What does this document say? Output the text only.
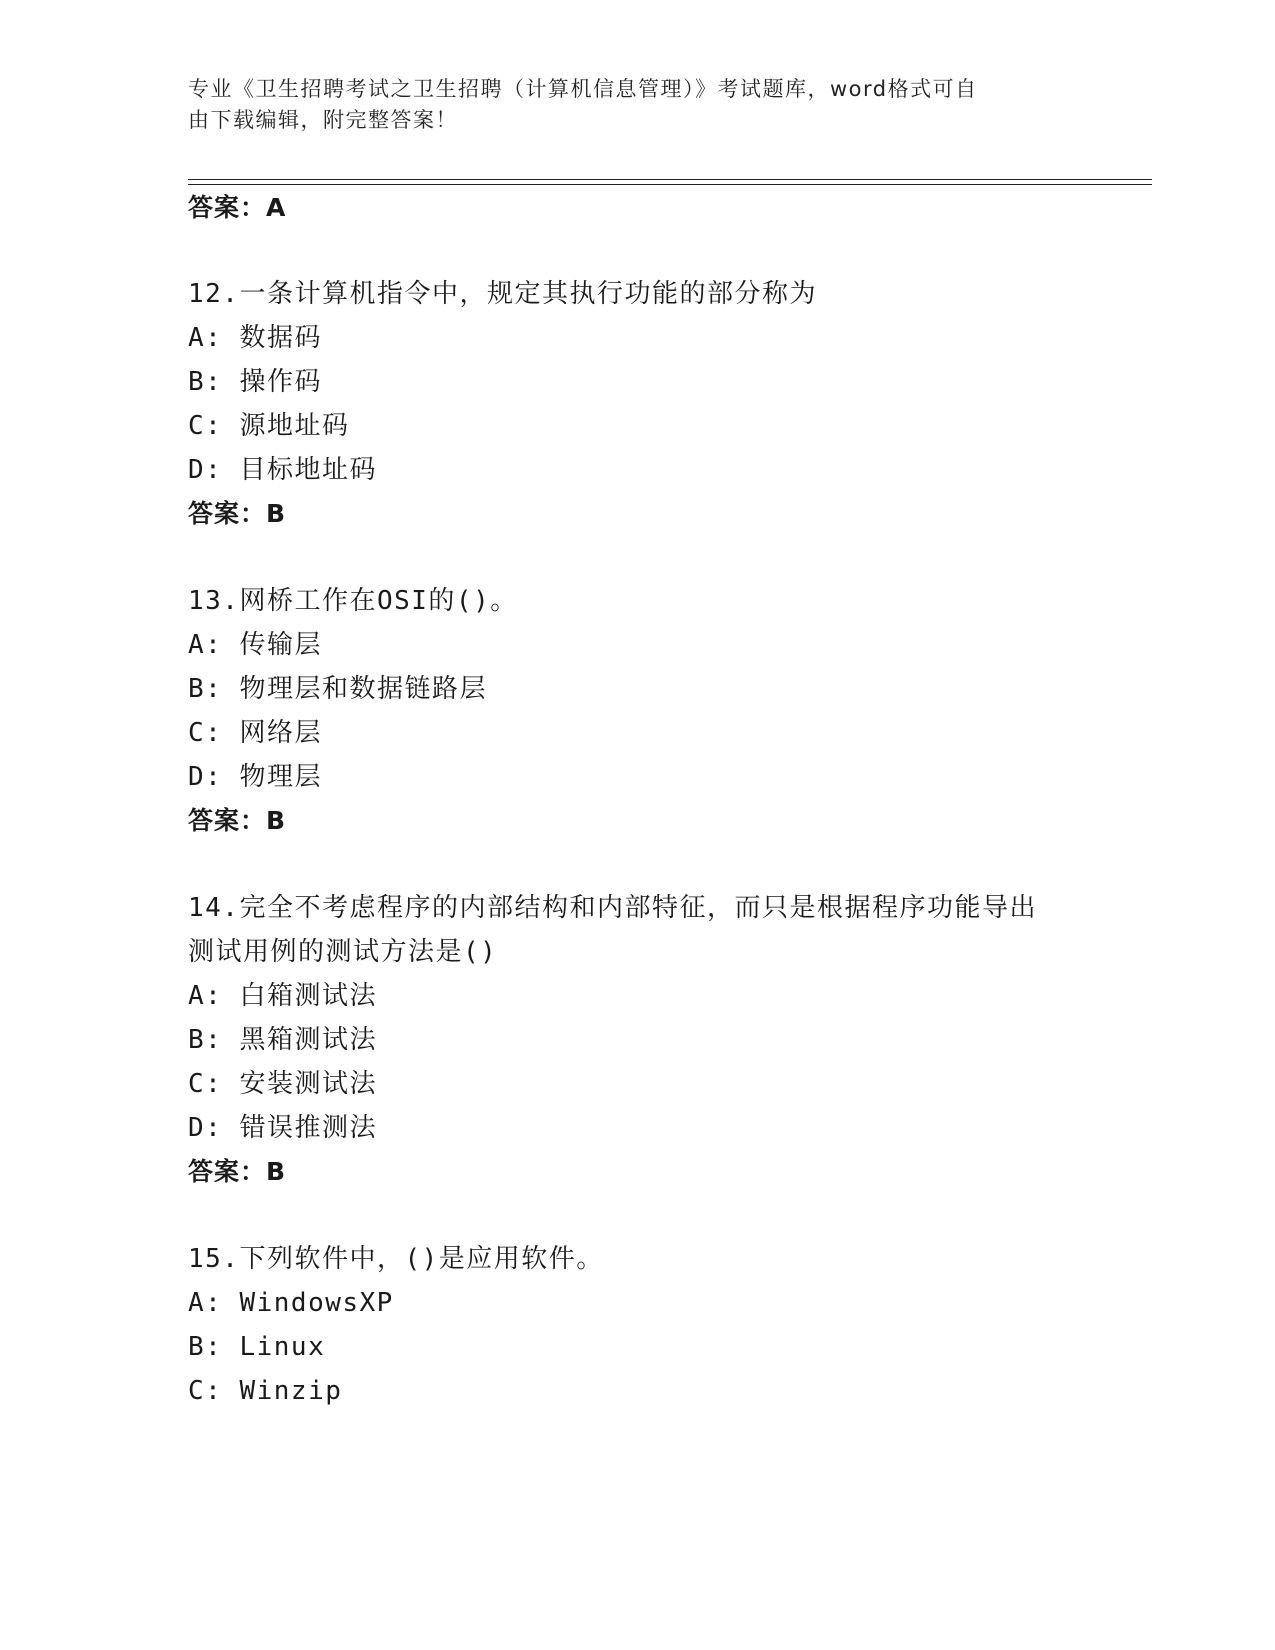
专业《卫生招聘考试之卫生招聘（计算机信息管理）》考试题库，word格式可自
由下载编辑，附完整答案！
答案：A
12.一条计算机指令中，规定其执行功能的部分称为
A: 数据码
B: 操作码
C: 源地址码
D: 目标地址码
答案：B
13.网桥工作在OSI的()。
A: 传输层
B: 物理层和数据链路层
C: 网络层
D: 物理层
答案：B
14.完全不考虑程序的内部结构和内部特征，而只是根据程序功能导出
测试用例的测试方法是()
A: 白箱测试法
B: 黑箱测试法
C: 安装测试法
D: 错误推测法
答案：B
15.下列软件中，()是应用软件。
A: WindowsXP
B: Linux
C: Winzip
